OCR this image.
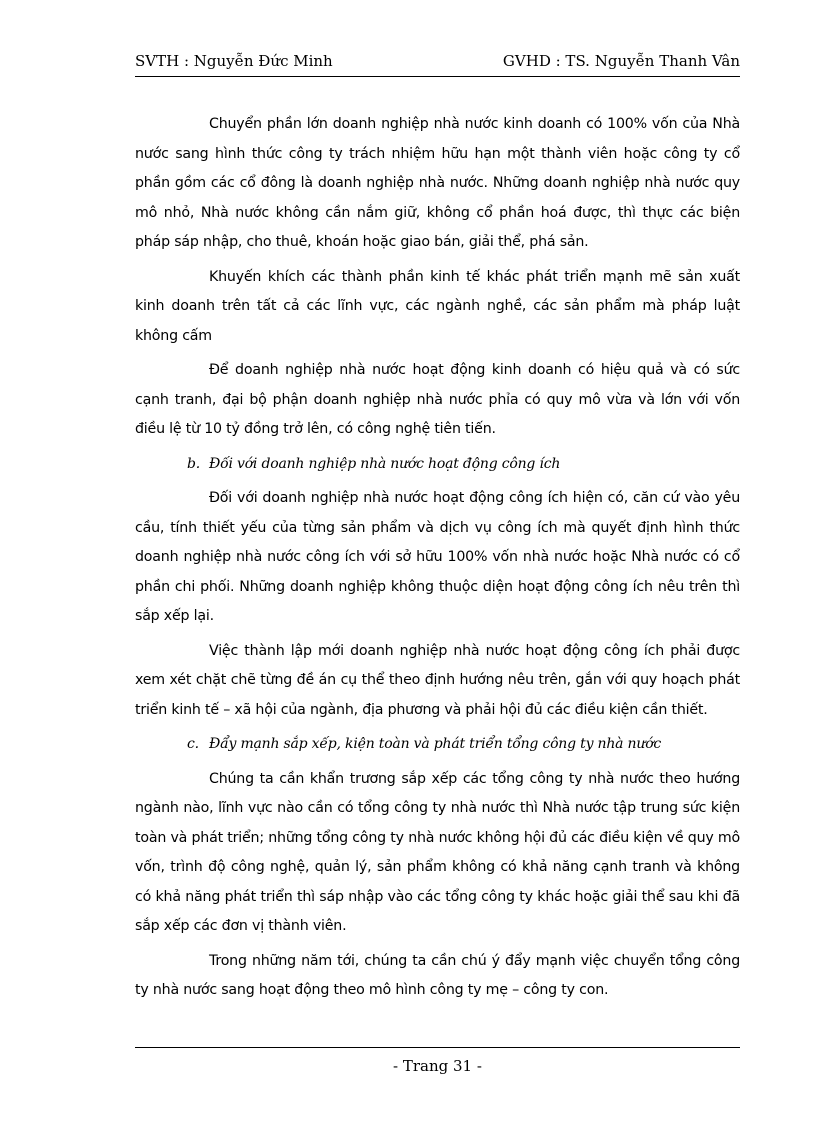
SVTH : Nguyễn Đức Minh	GVHD : TS. Nguyễn Thanh Vân

Chuyển phần lớn doanh nghiệp nhà nước kinh doanh có 100% vốn của Nhà nước sang hình thức công ty trách nhiệm hữu hạn một thành viên hoặc công ty cổ phần gồm các cổ đông là doanh nghiệp nhà nước. Những doanh nghiệp nhà nước quy mô nhỏ, Nhà nước không cần nắm giữ, không cổ phần hoá được, thì thực các biện pháp sáp nhập, cho thuê, khoán hoặc giao bán, giải thể, phá sản.

Khuyến khích các thành phần kinh tế khác phát triển mạnh mẽ sản xuất kinh doanh trên tất cả các lĩnh vực, các ngành nghề, các sản phẩm mà pháp luật không cấm

Để doanh nghiệp nhà nước hoạt động kinh doanh có hiệu quả và có sức cạnh tranh, đại bộ phận doanh nghiệp nhà nước phỉa có quy mô vừa và lớn với vốn điều lệ từ 10 tỷ đồng trở lên, có công nghệ tiên tiến.

b. Đối với doanh nghiệp nhà nước hoạt động công ích

Đối với doanh nghiệp nhà nước hoạt động công ích hiện có, căn cứ vào yêu cầu, tính thiết yếu của từng sản phẩm và dịch vụ công ích mà quyết định hình thức doanh nghiệp nhà nước công ích với sở hữu 100% vốn nhà nước hoặc Nhà nước có cổ phần chi phối. Những doanh nghiệp không thuộc diện hoạt động công ích nêu trên thì sắp xếp lại.

Việc thành lập mới doanh nghiệp nhà nước hoạt động công ích phải được xem xét chặt chẽ từng đề án cụ thể theo định hướng nêu trên, gắn với quy hoạch phát triển kinh tế – xã hội của ngành, địa phương và phải hội đủ các điều kiện cần thiết.

c. Đẩy mạnh sắp xếp, kiện toàn và phát triển tổng công ty nhà nước

Chúng ta cần khẩn trương sắp xếp các tổng công ty nhà nước theo hướng ngành nào, lĩnh vực nào cần có tổng công ty nhà nước thì Nhà nước tập trung sức kiện toàn và phát triển; những tổng công ty nhà nước không hội đủ các điều kiện về quy mô vốn, trình độ công nghệ, quản lý, sản phẩm không có khả năng cạnh tranh và không có khả năng phát triển thì sáp nhập vào các tổng công ty khác hoặc giải thể sau khi đã sắp xếp các đơn vị thành viên.

Trong những năm tới, chúng ta cần chú ý đẩy mạnh việc chuyển tổng công ty nhà nước sang hoạt động theo mô hình công ty mẹ – công ty con.

- Trang 31 -
